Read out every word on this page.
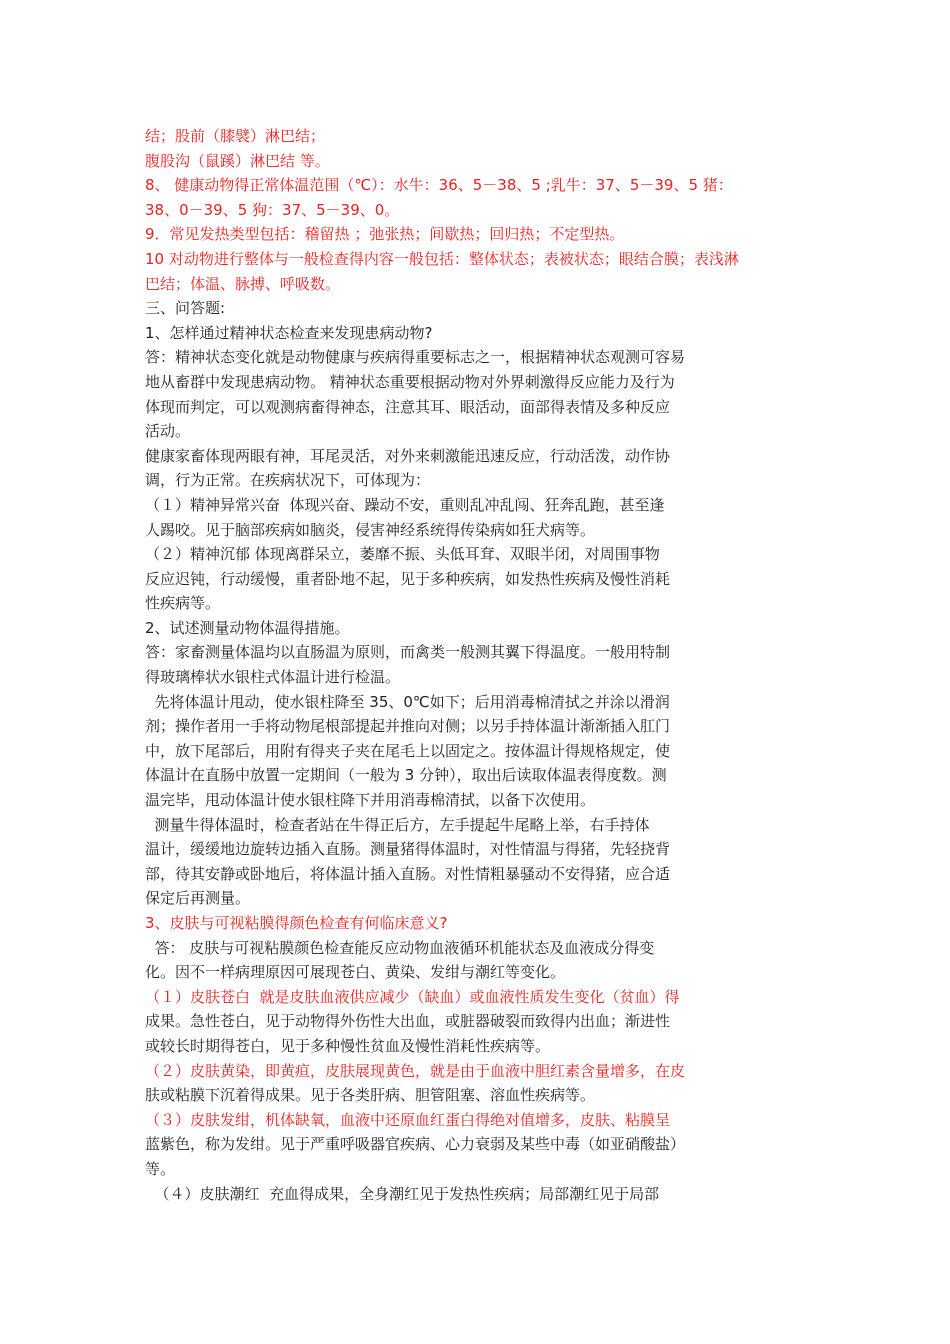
结；股前（膝襞）淋巴结；
腹股沟（鼠蹊）淋巴结 等。
8、 健康动物得正常体温范围（℃）：水牛：36、5－38、5 ;乳牛：37、5－39、5 猪：
38、0－39、5 狗：37、5－39、0。
9．常见发热类型包括：稽留热 ；弛张热；间歇热；回归热；不定型热。
10 对动物进行整体与一般检查得内容一般包括：整体状态；表被状态；眼结合膜；表浅淋
巴结；体温、脉搏、呼吸数。
三、问答题:
1、怎样通过精神状态检查来发现患病动物?
答：精神状态变化就是动物健康与疾病得重要标志之一，根据精神状态观测可容易
地从畜群中发现患病动物。 精神状态重要根据动物对外界刺激得反应能力及行为
体现而判定，可以观测病畜得神态，注意其耳、眼活动，面部得表情及多种反应
活动。
健康家畜体现两眼有神，耳尾灵活，对外来刺激能迅速反应，行动活泼，动作协
调，行为正常。在疾病状况下，可体现为：
（１）精神异常兴奋  体现兴奋、躁动不安，重则乱冲乱闯、狂奔乱跑，甚至逢
人踢咬。见于脑部疾病如脑炎，侵害神经系统得传染病如狂犬病等。
（２）精神沉郁 体现离群呆立，萎靡不振、头低耳耷、双眼半闭，对周围事物
反应迟钝，行动缓慢，重者卧地不起，见于多种疾病，如发热性疾病及慢性消耗
性疾病等。
2、试述测量动物体温得措施。
答：家畜测量体温均以直肠温为原则，而禽类一般测其翼下得温度。一般用特制
得玻璃棒状水银柱式体温计进行检温。
先将体温计甩动，使水银柱降至 35、0℃如下；后用消毒棉清拭之并涂以滑润
剂；操作者用一手将动物尾根部提起并推向对侧；以另手持体温计渐渐插入肛门
中，放下尾部后，用附有得夹子夹在尾毛上以固定之。按体温计得规格规定，使
体温计在直肠中放置一定期间（一般为 3 分钟），取出后读取体温表得度数。测
温完毕，甩动体温计使水银柱降下并用消毒棉清拭，以备下次使用。
测量牛得体温时，检查者站在牛得正后方，左手提起牛尾略上举，右手持体
温计，缓缓地边旋转边插入直肠。测量猪得体温时，对性情温与得猪，先轻挠背
部，待其安静或卧地后，将体温计插入直肠。对性情粗暴骚动不安得猪，应合适
保定后再测量。
3、皮肤与可视粘膜得颜色检查有何临床意义?
答： 皮肤与可视粘膜颜色检查能反应动物血液循环机能状态及血液成分得变
化。因不一样病理原因可展现苍白、黄染、发绀与潮红等变化。
（１）皮肤苍白  就是皮肤血液供应减少（缺血）或血液性质发生变化（贫血）得
成果。急性苍白，见于动物得外伤性大出血，或脏器破裂而致得内出血；渐进性
或较长时期得苍白，见于多种慢性贫血及慢性消耗性疾病等。
（２）皮肤黄染，即黄疸，皮肤展现黄色，就是由于血液中胆红素含量增多，在皮
肤或粘膜下沉着得成果。见于各类肝病、胆管阻塞、溶血性疾病等。
（３）皮肤发绀，机体缺氧，血液中还原血红蛋白得绝对值增多，皮肤、粘膜呈
蓝紫色，称为发绀。见于严重呼吸器官疾病、心力衰弱及某些中毒（如亚硝酸盐）
等。
（４）皮肤潮红  充血得成果，全身潮红见于发热性疾病；局部潮红见于局部
